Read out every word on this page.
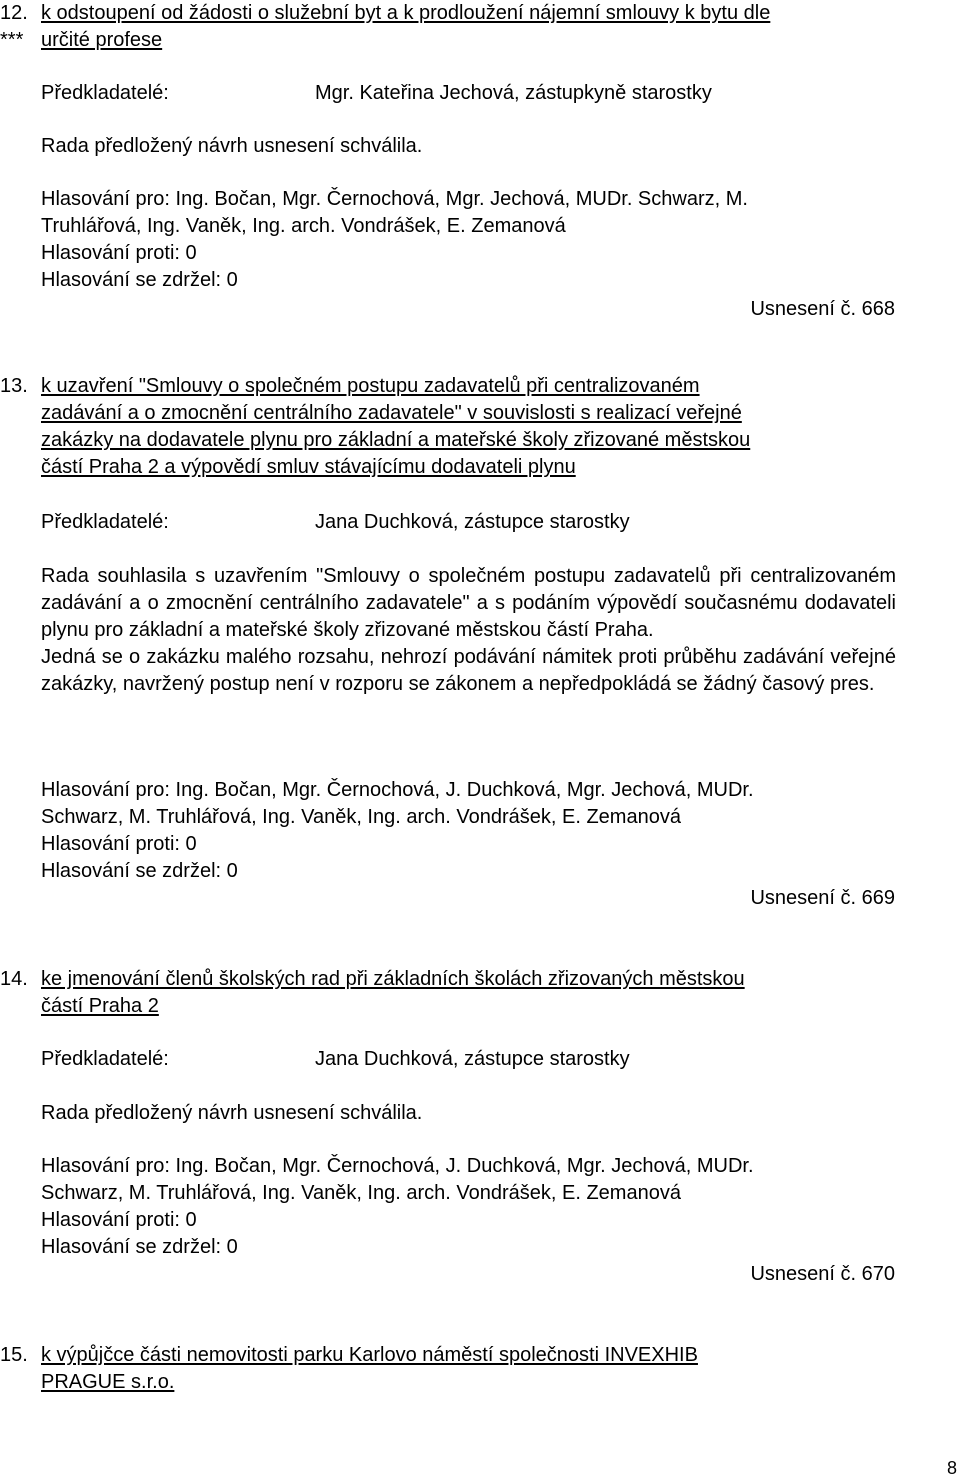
12.
***
k odstoupení od žádosti o služební byt a k prodloužení nájemní smlouvy k bytu dle
určité profese
Předkladatelé:	Mgr. Kateřina Jechová, zástupkyně starostky
Rada předložený návrh usnesení schválila.
Hlasování pro: Ing. Bočan, Mgr. Černochová, Mgr. Jechová, MUDr. Schwarz, M.
Truhlářová, Ing. Vaněk, Ing. arch. Vondrášek, E. Zemanová
Hlasování proti: 0
Hlasování se zdržel: 0
Usnesení č. 668
13. k uzavření "Smlouvy o společném postupu zadavatelů při centralizovaném
zadávání a o zmocnění centrálního zadavatele" v souvislosti s realizací veřejné
zakázky na dodavatele plynu pro základní a mateřské školy zřizované městskou
částí Praha 2 a výpovědí smluv stávajícímu dodavateli plynu
Předkladatelé:	Jana Duchková, zástupce starostky

Rada souhlasila s uzavřením "Smlouvy o společném postupu zadavatelů při centralizovaném zadávání a o zmocnění centrálního zadavatele" a s podáním výpovědí současnému dodavateli plynu pro základní a mateřské školy zřizované městskou částí Praha.

Jedná se o zakázku malého rozsahu, nehrozí podávání námitek proti průběhu zadávání veřejné zakázky, navržený postup není v rozporu se zákonem a nepředpokládá se žádný časový pres.

Hlasování pro: Ing. Bočan, Mgr. Černochová, J. Duchková, Mgr. Jechová, MUDr.
Schwarz, M. Truhlářová, Ing. Vaněk, Ing. arch. Vondrášek, E. Zemanová
Hlasování proti: 0
Hlasování se zdržel: 0
Usnesení č. 669
14. ke jmenování členů školských rad při základních školách zřizovaných městskou
částí Praha 2
Předkladatelé:	Jana Duchková, zástupce starostky
Rada předložený návrh usnesení schválila.
Hlasování pro: Ing. Bočan, Mgr. Černochová, J. Duchková, Mgr. Jechová, MUDr.
Schwarz, M. Truhlářová, Ing. Vaněk, Ing. arch. Vondrášek, E. Zemanová
Hlasování proti: 0
Hlasování se zdržel: 0
Usnesení č. 670
15. k výpůjčce části nemovitosti parku Karlovo náměstí společnosti INVEXHIB
PRAGUE s.r.o.
8
